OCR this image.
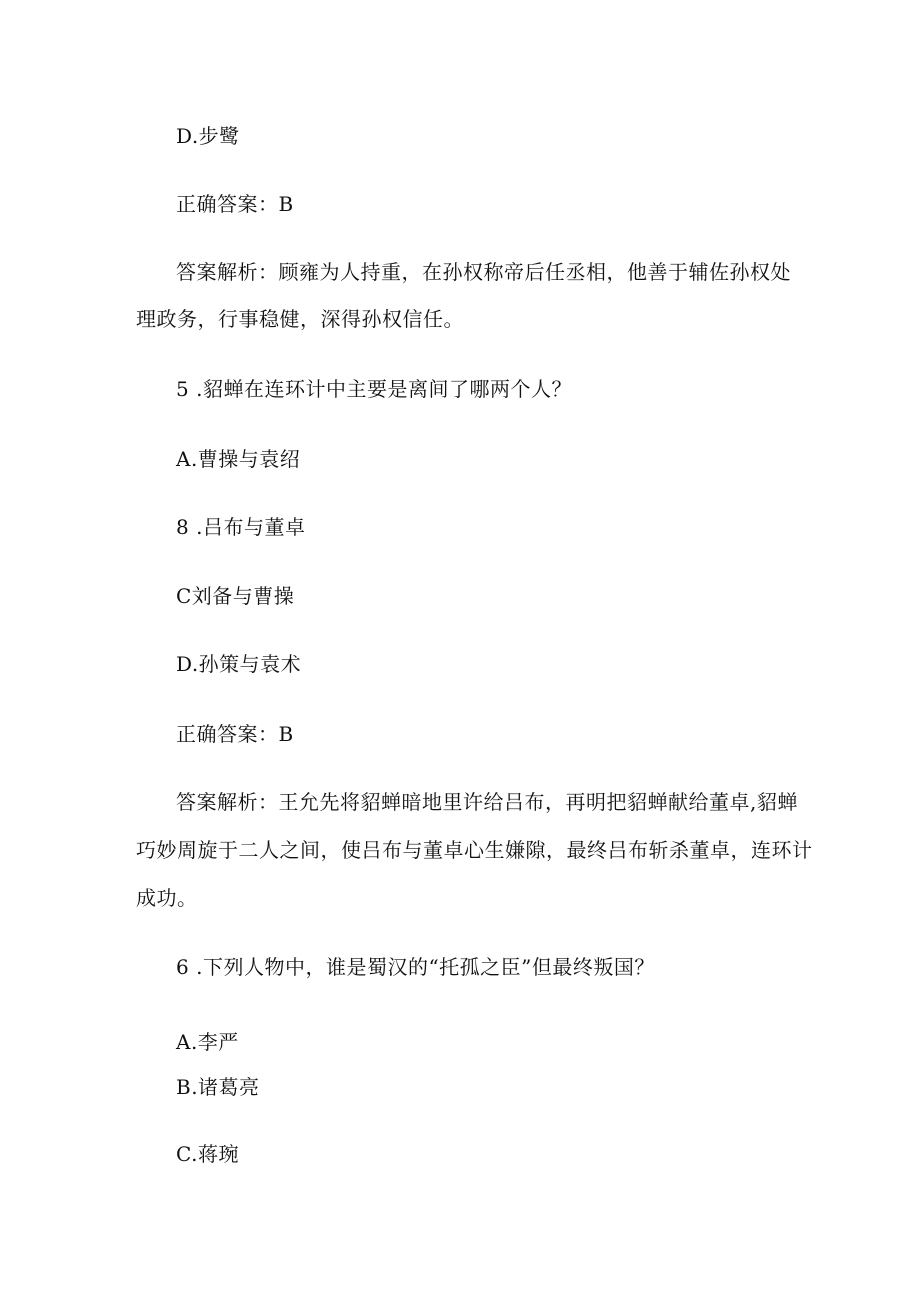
D.步鹭
正确答案：B
答案解析：顾雍为人持重，在孙权称帝后任丞相，他善于辅佐孙权处
理政务，行事稳健，深得孙权信任。
5 .貂蝉在连环计中主要是离间了哪两个人？
A.曹操与袁绍
8 .吕布与董卓
C刘备与曹操
D.孙策与袁术
正确答案：B
答案解析：王允先将貂蝉暗地里许给吕布，再明把貂蝉献给董卓,貂蝉
巧妙周旋于二人之间，使吕布与董卓心生嫌隙，最终吕布斩杀董卓，连环计
成功。
6 .下列人物中，谁是蜀汉的“托孤之臣”但最终叛国？
A.李严
B.诸葛亮
C.蒋琬
